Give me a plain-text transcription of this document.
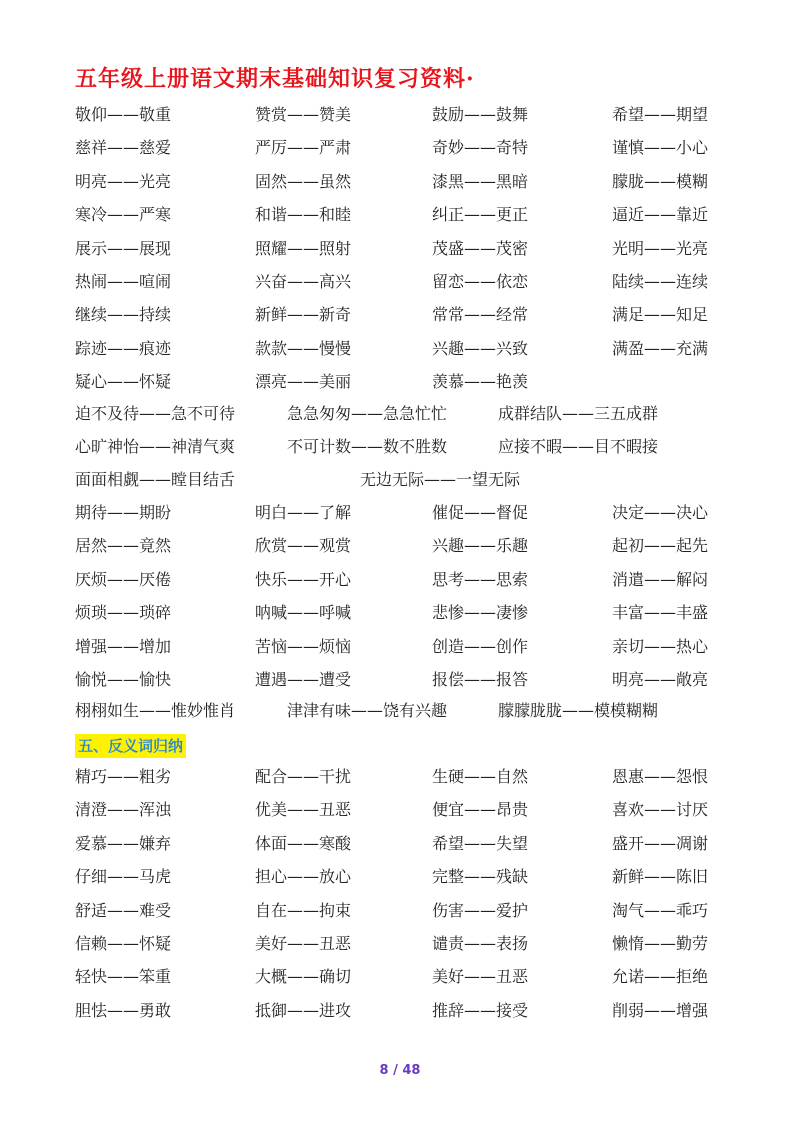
五年级上册语文期末基础知识复习资料·
敬仰——敬重	赞赏——赞美	鼓励——鼓舞	希望——期望
慈祥——慈爱	严厉——严肃	奇妙——奇特	谨慎——小心
明亮——光亮	固然——虽然	漆黑——黑暗	朦胧——模糊
寒冷——严寒	和谐——和睦	纠正——更正	逼近——靠近
展示——展现	照耀——照射	茂盛——茂密	光明——光亮
热闹——喧闹	兴奋——高兴	留恋——依恋	陆续——连续
继续——持续	新鲜——新奇	常常——经常	满足——知足
踪迹——痕迹	款款——慢慢	兴趣——兴致	满盈——充满
疑心——怀疑	漂亮——美丽	羡慕——艳羡
迫不及待——急不可待	急急匆匆——急急忙忙	成群结队——三五成群
心旷神怡——神清气爽	不可计数——数不胜数	应接不暇——目不暇接
面面相觑——瞠目结舌	无边无际——一望无际
期待——期盼	明白——了解	催促——督促	决定——决心
居然——竟然	欣赏——观赏	兴趣——乐趣	起初——起先
厌烦——厌倦	快乐——开心	思考——思索	消遣——解闷
烦琐——琐碎	呐喊——呼喊	悲惨——凄惨	丰富——丰盛
增强——增加	苦恼——烦恼	创造——创作	亲切——热心
愉悦——愉快	遭遇——遭受	报偿——报答	明亮——敞亮
栩栩如生——惟妙惟肖	津津有味——饶有兴趣	朦朦胧胧——模模糊糊
精巧——粗劣	配合——干扰	生硬——自然	恩惠——怨恨
清澄——浑浊	优美——丑恶	便宜——昂贵	喜欢——讨厌
爱慕——嫌弃	体面——寒酸	希望——失望	盛开——凋谢
仔细——马虎	担心——放心	完整——残缺	新鲜——陈旧
舒适——难受	自在——拘束	伤害——爱护	淘气——乖巧
信赖——怀疑	美好——丑恶	谴责——表扬	懒惰——勤劳
轻快——笨重	大概——确切	美好——丑恶	允诺——拒绝
胆怯——勇敢	抵御——进攻	推辞——接受	削弱——增强
五、反义词归纳
8 / 48
